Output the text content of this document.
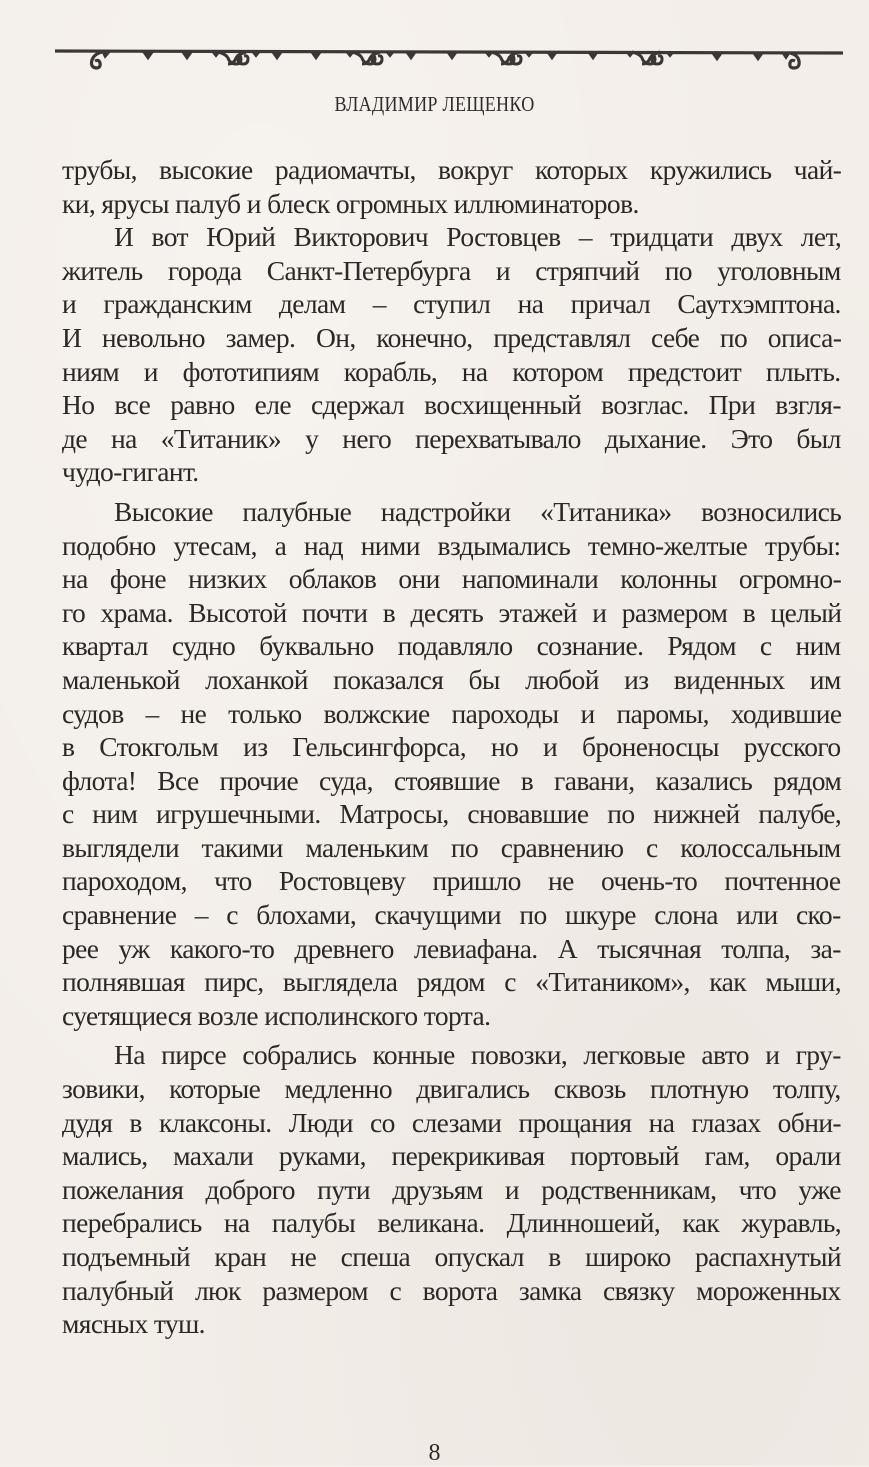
ВЛАДИМИР ЛЕЩЕНКО
трубы, высокие радиомачты, вокруг которых кружились чай-
ки, ярусы палуб и блеск огромных иллюминаторов.
И вот Юрий Викторович Ростовцев – тридцати двух лет,
житель города Санкт-Петербурга и стряпчий по уголовным
и гражданским делам – ступил на причал Саутхэмптона.
И невольно замер. Он, конечно, представлял себе по описа-
ниям и фототипиям корабль, на котором предстоит плыть.
Но все равно еле сдержал восхищенный возглас. При взгля-
де на «Титаник» у него перехватывало дыхание. Это был
чудо-гигант.
Высокие палубные надстройки «Титаника» возносились
подобно утесам, а над ними вздымались темно-желтые трубы:
на фоне низких облаков они напоминали колонны огромно-
го храма. Высотой почти в десять этажей и размером в целый
квартал судно буквально подавляло сознание. Рядом с ним
маленькой лоханкой показался бы любой из виденных им
судов – не только волжские пароходы и паромы, ходившие
в Стокгольм из Гельсингфорса, но и броненосцы русского
флота! Все прочие суда, стоявшие в гавани, казались рядом
с ним игрушечными. Матросы, сновавшие по нижней палубе,
выглядели такими маленьким по сравнению с колоссальным
пароходом, что Ростовцеву пришло не очень-то почтенное
сравнение – с блохами, скачущими по шкуре слона или ско-
рее уж какого-то древнего левиафана. А тысячная толпа, за-
полнявшая пирс, выглядела рядом с «Титаником», как мыши,
суетящиеся возле исполинского торта.
На пирсе собрались конные повозки, легковые авто и гру-
зовики, которые медленно двигались сквозь плотную толпу,
дудя в клаксоны. Люди со слезами прощания на глазах обни-
мались, махали руками, перекрикивая портовый гам, орали
пожелания доброго пути друзьям и родственникам, что уже
перебрались на палубы великана. Длинношеий, как журавль,
подъемный кран не спеша опускал в широко распахнутый
палубный люк размером с ворота замка связку мороженных
мясных туш.
8
